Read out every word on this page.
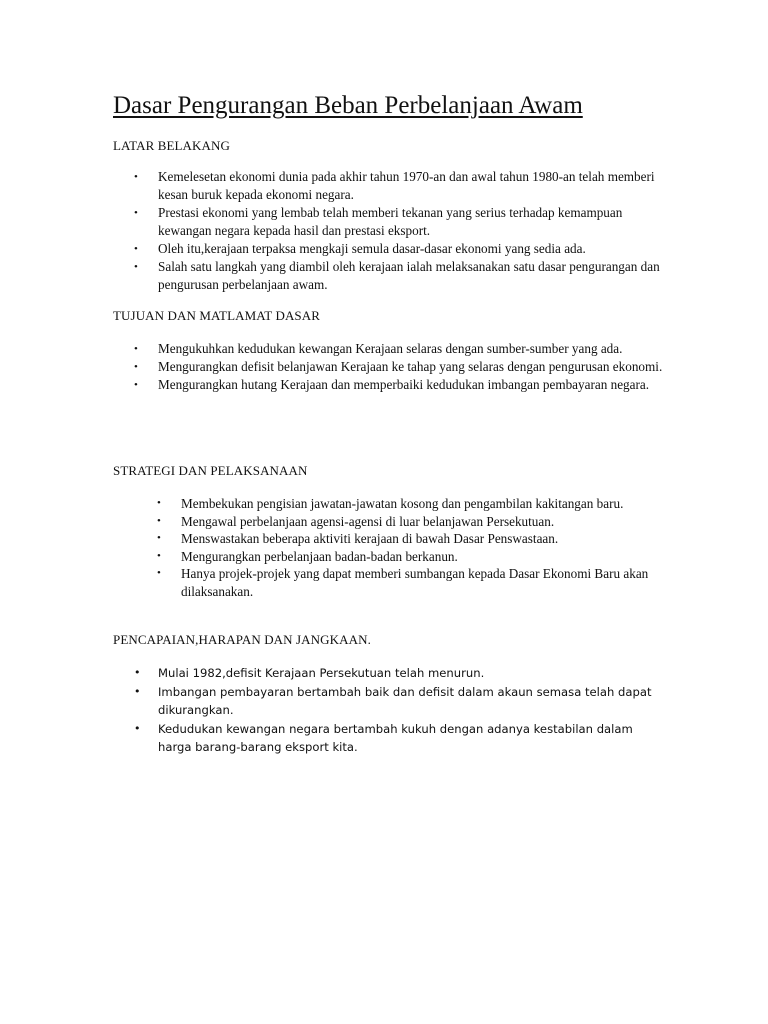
Dasar Pengurangan Beban Perbelanjaan Awam
LATAR BELAKANG
• Kemelesetan ekonomi dunia pada akhir tahun 1970-an dan awal tahun 1980-an telah memberi kesan buruk kepada ekonomi negara.
• Prestasi ekonomi yang lembab telah memberi tekanan yang serius terhadap kemampuan kewangan negara kepada hasil dan prestasi eksport.
• Oleh itu,kerajaan terpaksa mengkaji semula dasar-dasar ekonomi yang sedia ada.
• Salah satu langkah yang diambil oleh kerajaan ialah melaksanakan satu dasar pengurangan dan pengurusan perbelanjaan awam.
TUJUAN DAN MATLAMAT DASAR
• Mengukuhkan kedudukan kewangan Kerajaan selaras dengan sumber-sumber yang ada.
• Mengurangkan defisit belanjawan Kerajaan ke tahap yang selaras dengan pengurusan ekonomi.
• Mengurangkan hutang Kerajaan dan memperbaiki kedudukan imbangan pembayaran negara.
STRATEGI DAN PELAKSANAAN
• Membekukan pengisian jawatan-jawatan kosong dan pengambilan kakitangan baru.
• Mengawal perbelanjaan agensi-agensi di luar belanjawan Persekutuan.
• Menswastakan beberapa aktiviti kerajaan di bawah Dasar Penswastaan.
• Mengurangkan perbelanjaan badan-badan berkanun.
• Hanya projek-projek yang dapat memberi sumbangan kepada Dasar Ekonomi Baru akan dilaksanakan.
PENCAPAIAN,HARAPAN DAN JANGKAAN.
• Mulai 1982,defisit Kerajaan Persekutuan telah menurun.
• Imbangan pembayaran bertambah baik dan defisit dalam akaun semasa telah dapat dikurangkan.
• Kedudukan kewangan negara bertambah kukuh dengan adanya kestabilan dalam harga barang-barang eksport kita.
